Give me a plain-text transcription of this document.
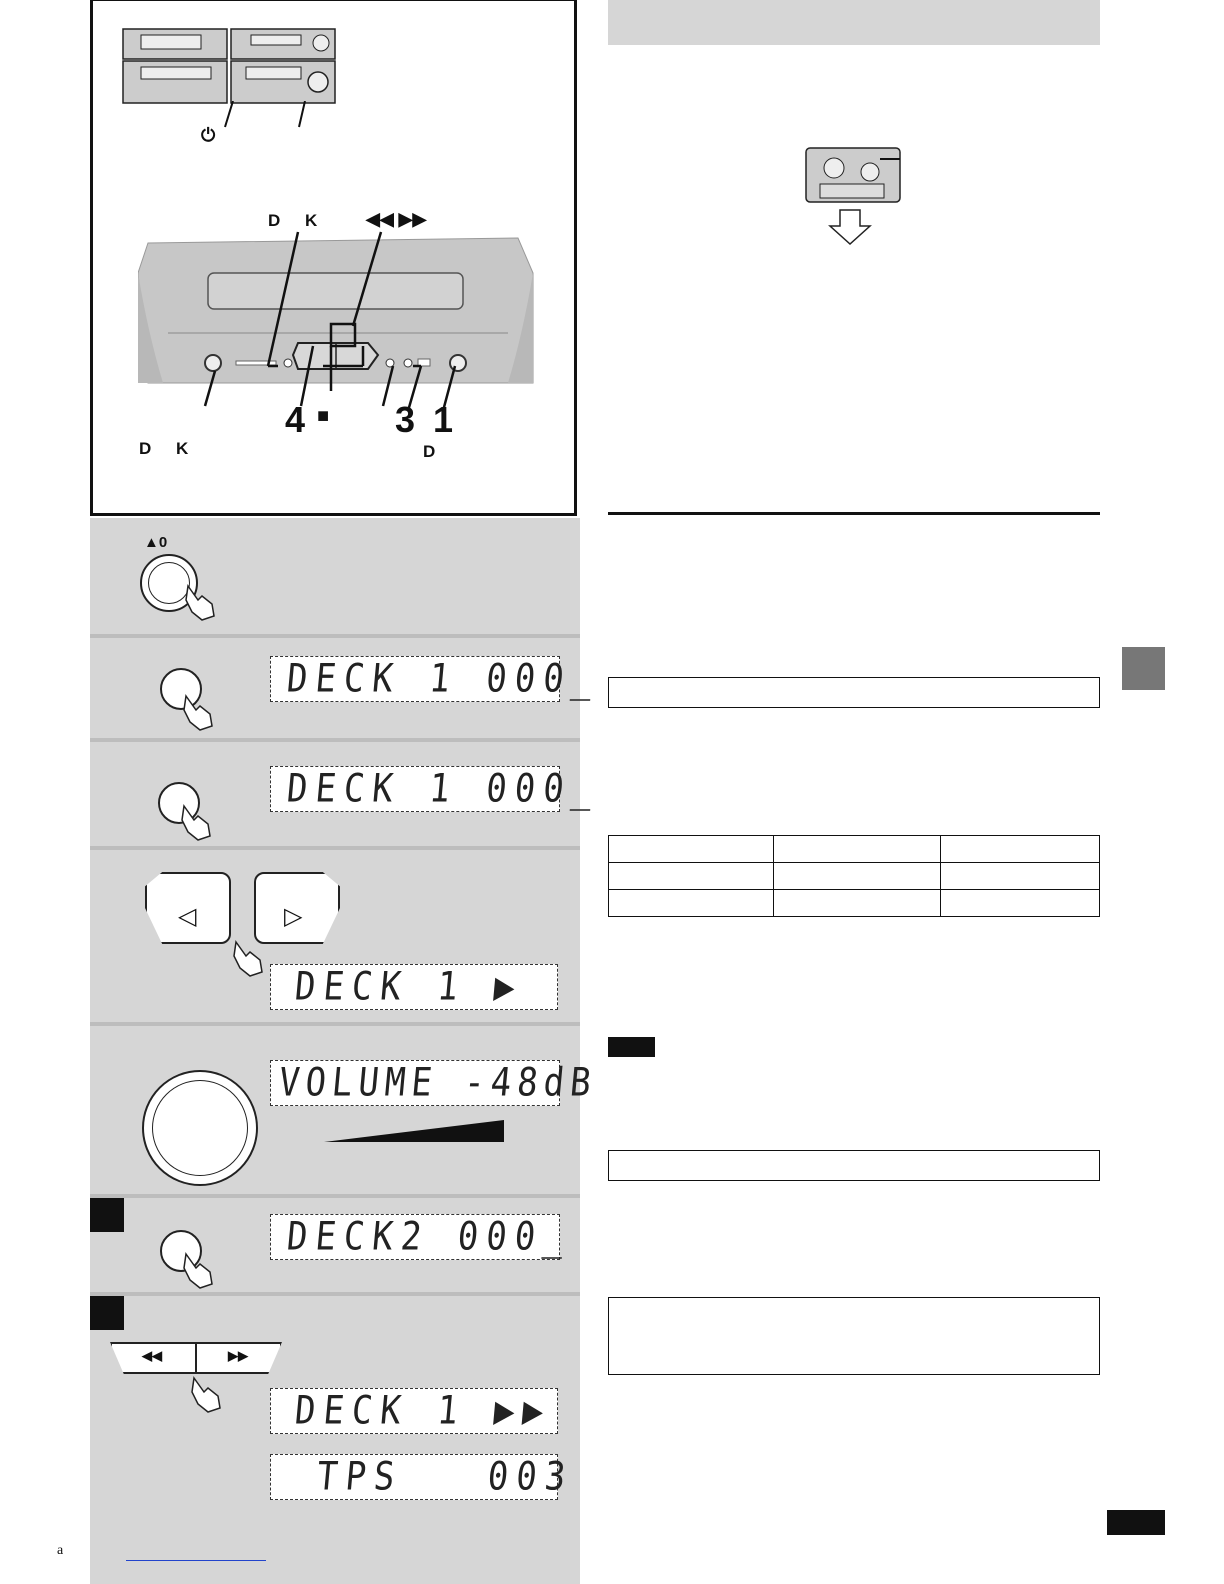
⏻
D K	◀◀ ▶▶
4 ■ 3 1
D K	D
▲0
DECK 1 000_
DECK 1 000_
◁	▷
DECK 1 ▶
VOLUME -48dB
DECK2 000_
◀◀	▶▶
DECK 1 ▶▶
TPS   003

a
